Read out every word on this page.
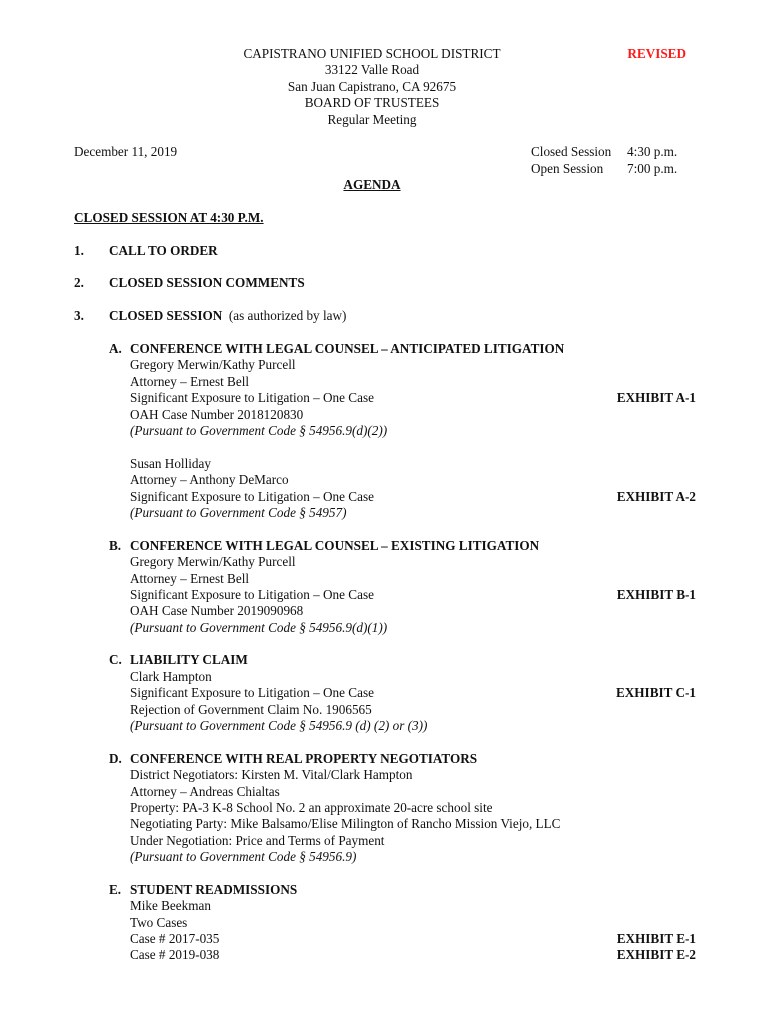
CAPISTRANO UNIFIED SCHOOL DISTRICT	REVISED
33122 Valle Road
San Juan Capistrano, CA 92675
BOARD OF TRUSTEES
Regular Meeting
December 11, 2019	Closed Session 4:30 p.m.
Open Session 7:00 p.m.
AGENDA
CLOSED SESSION AT 4:30 P.M.
1. CALL TO ORDER
2. CLOSED SESSION COMMENTS
3. CLOSED SESSION (as authorized by law)
A. CONFERENCE WITH LEGAL COUNSEL – ANTICIPATED LITIGATION
Gregory Merwin/Kathy Purcell
Attorney – Ernest Bell
Significant Exposure to Litigation – One Case	EXHIBIT A-1
OAH Case Number 2018120830
(Pursuant to Government Code § 54956.9(d)(2))
Susan Holliday
Attorney – Anthony DeMarco
Significant Exposure to Litigation – One Case	EXHIBIT A-2
(Pursuant to Government Code § 54957)
B. CONFERENCE WITH LEGAL COUNSEL – EXISTING LITIGATION
Gregory Merwin/Kathy Purcell
Attorney – Ernest Bell
Significant Exposure to Litigation – One Case	EXHIBIT B-1
OAH Case Number 2019090968
(Pursuant to Government Code § 54956.9(d)(1))
C. LIABILITY CLAIM
Clark Hampton
Significant Exposure to Litigation – One Case	EXHIBIT C-1
Rejection of Government Claim No. 1906565
(Pursuant to Government Code § 54956.9 (d) (2) or (3))
D. CONFERENCE WITH REAL PROPERTY NEGOTIATORS
District Negotiators: Kirsten M. Vital/Clark Hampton
Attorney – Andreas Chialtas
Property: PA-3 K-8 School No. 2 an approximate 20-acre school site
Negotiating Party: Mike Balsamo/Elise Milington of Rancho Mission Viejo, LLC
Under Negotiation: Price and Terms of Payment
(Pursuant to Government Code § 54956.9)
E. STUDENT READMISSIONS
Mike Beekman
Two Cases
Case # 2017-035	EXHIBIT E-1
Case # 2019-038	EXHIBIT E-2
